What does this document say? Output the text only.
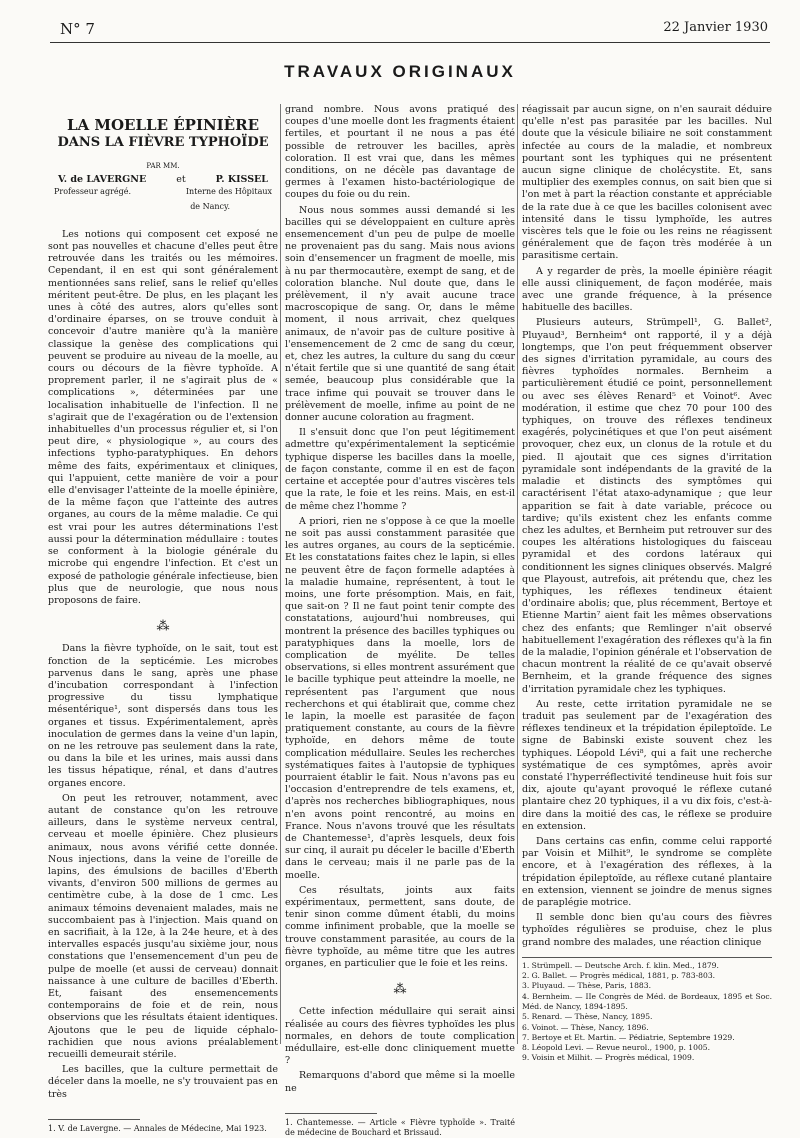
N° 7	22 Janvier 1930
TRAVAUX ORIGINAUX
LA MOELLE ÉPINIÈRE
DANS LA FIÈVRE TYPHOÏDE
PAR MM.
V. de LAVERGNE	et	P. KISSEL
Professeur agrégé.	Interne des Hôpitaux
de Nancy.

Les notions qui composent cet exposé ne sont pas nouvelles et chacune d'elles peut être retrouvée dans les traités ou les mémoires. Cependant, il en est qui sont généralement mentionnées sans relief, sans le relief qu'elles méritent peut-être. De plus, en les plaçant les unes à côté des autres, alors qu'elles sont d'ordinaire éparses, on se trouve conduit à concevoir d'autre manière qu'à la manière classique la genèse des complications qui peuvent se produire au niveau de la moelle, au cours ou décours de la fièvre typhoïde. A proprement parler, il ne s'agirait plus de « complications », déterminées par une localisation inhabituelle de l'infection. Il ne s'agirait que de l'exagération ou de l'extension inhabituelles d'un processus régulier et, si l'on peut dire, « physiologique », au cours des infections typho-paratyphiques. En dehors même des faits, expérimentaux et cliniques, qui l'appuient, cette manière de voir a pour elle d'envisager l'atteinte de la moelle épinière, de la même façon que l'atteinte des autres organes, au cours de la même maladie. Ce qui est vrai pour les autres déterminations l'est aussi pour la détermination médullaire : toutes se conforment à la biologie générale du microbe qui engendre l'infection. Et c'est un exposé de pathologie générale infectieuse, bien plus que de neurologie, que nous nous proposons de faire.

⁂

Dans la fièvre typhoïde, on le sait, tout est fonction de la septicémie. Les microbes parvenus dans le sang, après une phase d'incubation correspondant à l'infection progressive du tissu lymphatique mésentérique¹, sont dispersés dans tous les organes et tissus. Expérimentalement, après inoculation de germes dans la veine d'un lapin, on ne les retrouve pas seulement dans la rate, ou dans la bile et les urines, mais aussi dans les tissus hépatique, rénal, et dans d'autres organes encore.

On peut les retrouver, notamment, avec autant de constance qu'on les retrouve ailleurs, dans le système nerveux central, cerveau et moelle épinière. Chez plusieurs animaux, nous avons vérifié cette donnée. Nous injections, dans la veine de l'oreille de lapins, des émulsions de bacilles d'Eberth vivants, d'environ 500 millions de germes au centimètre cube, à la dose de 1 cmc. Les animaux témoins devenaient malades, mais ne succombaient pas à l'injection. Mais quand on en sacrifiait, à la 12e, à la 24e heure, et à des intervalles espacés jusqu'au sixième jour, nous constations que l'ensemencement d'un peu de pulpe de moelle (et aussi de cerveau) donnait naissance à une culture de bacilles d'Eberth. Et, faisant des ensemencements contemporains de foie et de rein, nous observions que les résultats étaient identiques. Ajoutons que le peu de liquide céphalo-rachidien que nous avions préalablement recueilli demeurait stérile.

Les bacilles, que la culture permettait de déceler dans la moelle, ne s'y trouvaient pas en très

1. V. de Lavergne. — Annales de Médecine, Mai 1923.

grand nombre. Nous avons pratiqué des coupes d'une moelle dont les fragments étaient fertiles, et pourtant il ne nous a pas été possible de retrouver les bacilles, après coloration. Il est vrai que, dans les mêmes conditions, on ne décèle pas davantage de germes à l'examen histo-bactériologique de coupes du foie ou du rein.

Nous nous sommes aussi demandé si les bacilles qui se développaient en culture après ensemencement d'un peu de pulpe de moelle ne provenaient pas du sang. Mais nous avions soin d'ensemencer un fragment de moelle, mis à nu par thermocautère, exempt de sang, et de coloration blanche. Nul doute que, dans le prélèvement, il n'y avait aucune trace macroscopique de sang. Or, dans le même moment, il nous arrivait, chez quelques animaux, de n'avoir pas de culture positive à l'ensemencement de 2 cmc de sang du cœur, et, chez les autres, la culture du sang du cœur n'était fertile que si une quantité de sang était semée, beaucoup plus considérable que la trace infime qui pouvait se trouver dans le prélèvement de moelle, infime au point de ne donner aucune coloration au fragment.

Il s'ensuit donc que l'on peut légitimement admettre qu'expérimentalement la septicémie typhique disperse les bacilles dans la moelle, de façon constante, comme il en est de façon certaine et acceptée pour d'autres viscères tels que la rate, le foie et les reins. Mais, en est-il de même chez l'homme ?

A priori, rien ne s'oppose à ce que la moelle ne soit pas aussi constamment parasitée que les autres organes, au cours de la septicémie. Et les constatations faites chez le lapin, si elles ne peuvent être de façon formelle adaptées à la maladie humaine, représentent, à tout le moins, une forte présomption. Mais, en fait, que sait-on ? Il ne faut point tenir compte des constatations, aujourd'hui nombreuses, qui montrent la présence des bacilles typhiques ou paratyphiques dans la moelle, lors de complication de myélite. De telles observations, si elles montrent assurément que le bacille typhique peut atteindre la moelle, ne représentent pas l'argument que nous recherchons et qui établirait que, comme chez le lapin, la moelle est parasitée de façon pratiquement constante, au cours de la fièvre typhoïde, en dehors même de toute complication médullaire. Seules les recherches systématiques faites à l'autopsie de typhiques pourraient établir le fait. Nous n'avons pas eu l'occasion d'entreprendre de tels examens, et, d'après nos recherches bibliographiques, nous n'en avons point rencontré, au moins en France. Nous n'avons trouvé que les résultats de Chantemesse¹, d'après lesquels, deux fois sur cinq, il aurait pu déceler le bacille d'Eberth dans le cerveau; mais il ne parle pas de la moelle.

Ces résultats, joints aux faits expérimentaux, permettent, sans doute, de tenir sinon comme dûment établi, du moins comme infiniment probable, que la moelle se trouve constamment parasitée, au cours de la fièvre typhoïde, au même titre que les autres organes, en particulier que le foie et les reins.

⁂

Cette infection médullaire qui serait ainsi réalisée au cours des fièvres typhoïdes les plus normales, en dehors de toute complication médullaire, est-elle donc cliniquement muette ?

Remarquons d'abord que même si la moelle ne

1. Chantemesse. — Article « Fièvre typhoïde ». Traité de médecine de Bouchard et Brissaud.

réagissait par aucun signe, on n'en saurait déduire qu'elle n'est pas parasitée par les bacilles. Nul doute que la vésicule biliaire ne soit constamment infectée au cours de la maladie, et nombreux pourtant sont les typhiques qui ne présentent aucun signe clinique de cholécystite. Et, sans multiplier des exemples connus, on sait bien que si l'on met à part la réaction constante et appréciable de la rate due à ce que les bacilles colonisent avec intensité dans le tissu lymphoïde, les autres viscères tels que le foie ou les reins ne réagissent généralement que de façon très modérée à un parasitisme certain.

A y regarder de près, la moelle épinière réagit elle aussi cliniquement, de façon modérée, mais avec une grande fréquence, à la présence habituelle des bacilles.

Plusieurs auteurs, Strümpell¹, G. Ballet², Pluyaud³, Bernheim⁴ ont rapporté, il y a déjà longtemps, que l'on peut fréquemment observer des signes d'irritation pyramidale, au cours des fièvres typhoïdes normales. Bernheim a particulièrement étudié ce point, personnellement ou avec ses élèves Renard⁵ et Voinot⁶. Avec modération, il estime que chez 70 pour 100 des typhiques, on trouve des réflexes tendineux exagérés, polycinétiques et que l'on peut aisément provoquer, chez eux, un clonus de la rotule et du pied. Il ajoutait que ces signes d'irritation pyramidale sont indépendants de la gravité de la maladie et distincts des symptômes qui caractérisent l'état ataxo-adynamique ; que leur apparition se fait à date variable, précoce ou tardive; qu'ils existent chez les enfants comme chez les adultes, et Bernheim put retrouver sur des coupes les altérations histologiques du faisceau pyramidal et des cordons latéraux qui conditionnent les signes cliniques observés. Malgré que Playoust, autrefois, ait prétendu que, chez les typhiques, les réflexes tendineux étaient d'ordinaire abolis; que, plus récemment, Bertoye et Etienne Martin⁷ aient fait les mêmes observations chez des enfants; que Remlinger n'ait observé habituellement l'exagération des réflexes qu'à la fin de la maladie, l'opinion générale et l'observation de chacun montrent la réalité de ce qu'avait observé Bernheim, et la grande fréquence des signes d'irritation pyramidale chez les typhiques.

Au reste, cette irritation pyramidale ne se traduit pas seulement par de l'exagération des réflexes tendineux et la trépidation épileptoïde. Le signe de Babinski existe souvent chez les typhiques. Léopold Lévi⁸, qui a fait une recherche systématique de ces symptômes, après avoir constaté l'hyperréflectivité tendineuse huit fois sur dix, ajoute qu'ayant provoqué le réflexe cutané plantaire chez 20 typhiques, il a vu dix fois, c'est-à-dire dans la moitié des cas, le réflexe se produire en extension.

Dans certains cas enfin, comme celui rapporté par Voisin et Milhit⁹, le syndrome se complète encore, et à l'exagération des réflexes, à la trépidation épileptoïde, au réflexe cutané plantaire en extension, viennent se joindre de menus signes de paraplégie motrice.

Il semble donc bien qu'au cours des fièvres typhoïdes régulières se produise, chez le plus grand nombre des malades, une réaction clinique

1. Strümpell. — Deutsche Arch. f. klin. Med., 1879.
2. G. Ballet. — Progrès médical, 1881, p. 783-803.
3. Pluyaud. — Thèse, Paris, 1883.
4. Bernheim. — IIe Congrès de Méd. de Bordeaux, 1895 et Soc. Méd. de Nancy, 1894-1895.
5. Renard. — Thèse, Nancy, 1895.
6. Voinot. — Thèse, Nancy, 1896.
7. Bertoye et Et. Martin. — Pédiatrie, Septembre 1929.
8. Léopold Levi. — Revue neurol., 1900, p. 1005.
9. Voisin et Milhit. — Progrès médical, 1909.
